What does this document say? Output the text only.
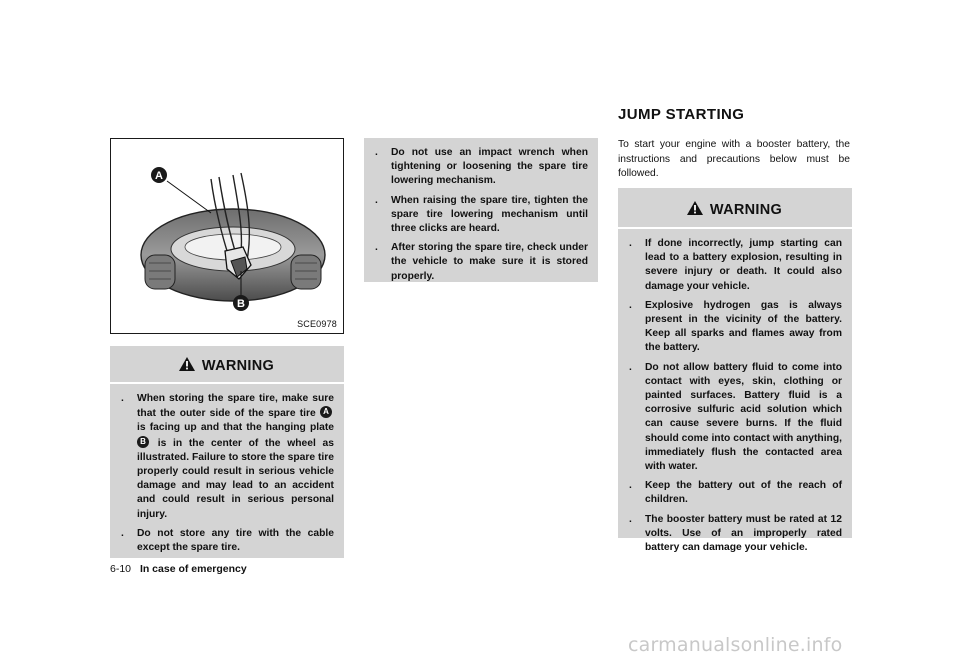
A
B
SCE0978
WARNING
. When storing the spare tire, make sure that the outer side of the spare tire A is facing up and that the hanging plate B is in the center of the wheel as illustrated. Failure to store the spare tire properly could result in serious vehicle damage and may lead to an accident and could result in serious personal injury.
. Do not store any tire with the cable except the spare tire.
. Do not use an impact wrench when tightening or loosening the spare tire lowering mechanism.
. When raising the spare tire, tighten the spare tire lowering mechanism until three clicks are heard.
. After storing the spare tire, check under the vehicle to make sure it is stored properly.
JUMP STARTING
To start your engine with a booster battery, the instructions and precautions below must be followed.
WARNING
. If done incorrectly, jump starting can lead to a battery explosion, resulting in severe injury or death. It could also damage your vehicle.
. Explosive hydrogen gas is always present in the vicinity of the battery. Keep all sparks and flames away from the battery.
. Do not allow battery fluid to come into contact with eyes, skin, clothing or painted surfaces. Battery fluid is a corrosive sulfuric acid solution which can cause severe burns. If the fluid should come into contact with anything, immediately flush the contacted area with water.
. Keep the battery out of the reach of children.
. The booster battery must be rated at 12 volts. Use of an improperly rated battery can damage your vehicle.
6-10 In case of emergency
carmanualsonline.info
